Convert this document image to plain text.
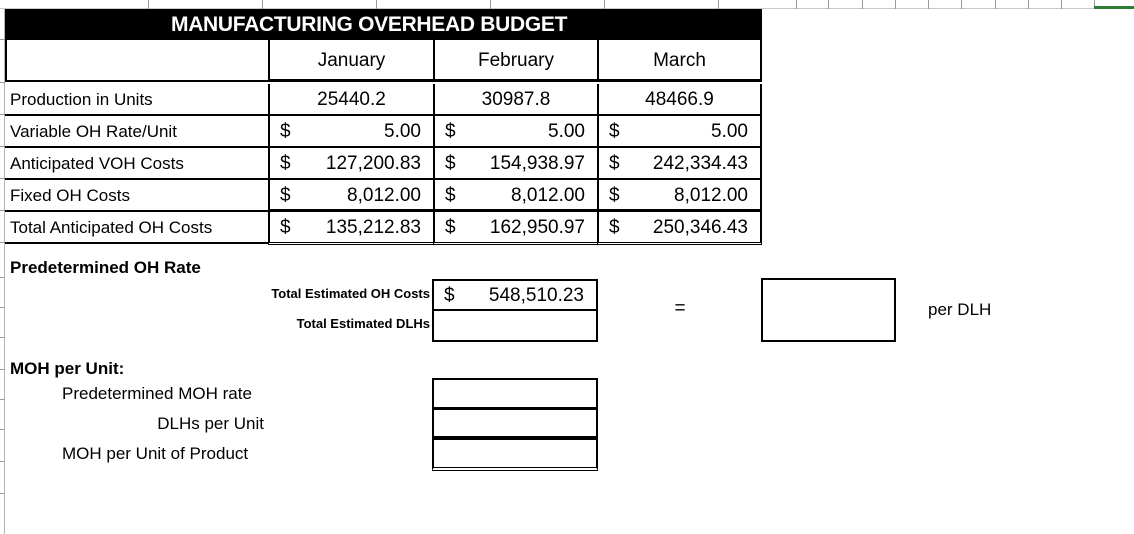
MANUFACTURING OVERHEAD BUDGET
January	February	March
Production in Units	25440.2	30987.8	48466.9
Variable OH Rate/Unit	$	5.00 $	5.00 $	5.00
Anticipated VOH Costs	$ 127,200.83 $ 154,938.97 $ 242,334.43
Fixed OH Costs	$	8,012.00 $	8,012.00 $	8,012.00
Total Anticipated OH Costs	$ 135,212.83 $ 162,950.97 $ 250,346.43
Predetermined OH Rate
Total Estimated OH Costs $ 548,510.23
Total Estimated DLHs
=	per DLH
MOH per Unit:
Predetermined MOH rate
DLHs per Unit
MOH per Unit of Product
